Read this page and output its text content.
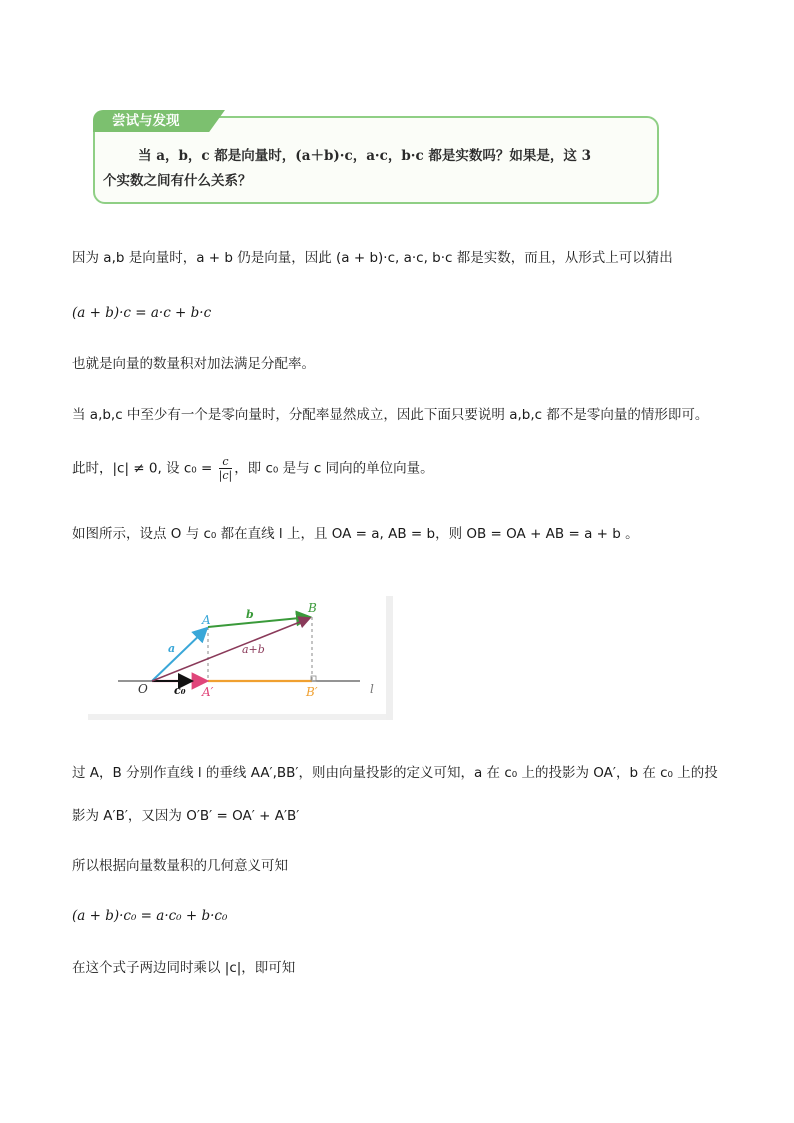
尝试与发现
当 a，b，c 都是向量时，(a＋b)·c，a·c，b·c 都是实数吗？如果是，这 3
个实数之间有什么关系？
因为 a,b 是向量时，a + b 仍是向量，因此 (a + b)·c, a·c, b·c 都是实数，而且，从形式上可以猜出
(a + b)·c = a·c + b·c
也就是向量的数量积对加法满足分配率。
当 a,b,c 中至少有一个是零向量时，分配率显然成立，因此下面只要说明 a,b,c 都不是零向量的情形即可。
此时，|c| ≠ 0, 设 $c_0 = \frac{c}{|c|}$ ，即 c₀ 是与 c 同向的单位向量。
如图所示，设点 O 与 c₀ 都在直线 l 上，且 OA = a, AB = b，则 OB = OA + AB = a + b 。
O
A
B
A′	B′
a
b
a+b
c₀	l
过 A，B 分别作直线 l 的垂线 AA′,BB′，则由向量投影的定义可知，a 在 c₀ 上的投影为 OA′，b 在 c₀ 上的投
影为 A′B′，又因为 O′B′ = OA′ + A′B′
所以根据向量数量积的几何意义可知
(a + b)·c₀ = a·c₀ + b·c₀
在这个式子两边同时乘以 |c|，即可知
